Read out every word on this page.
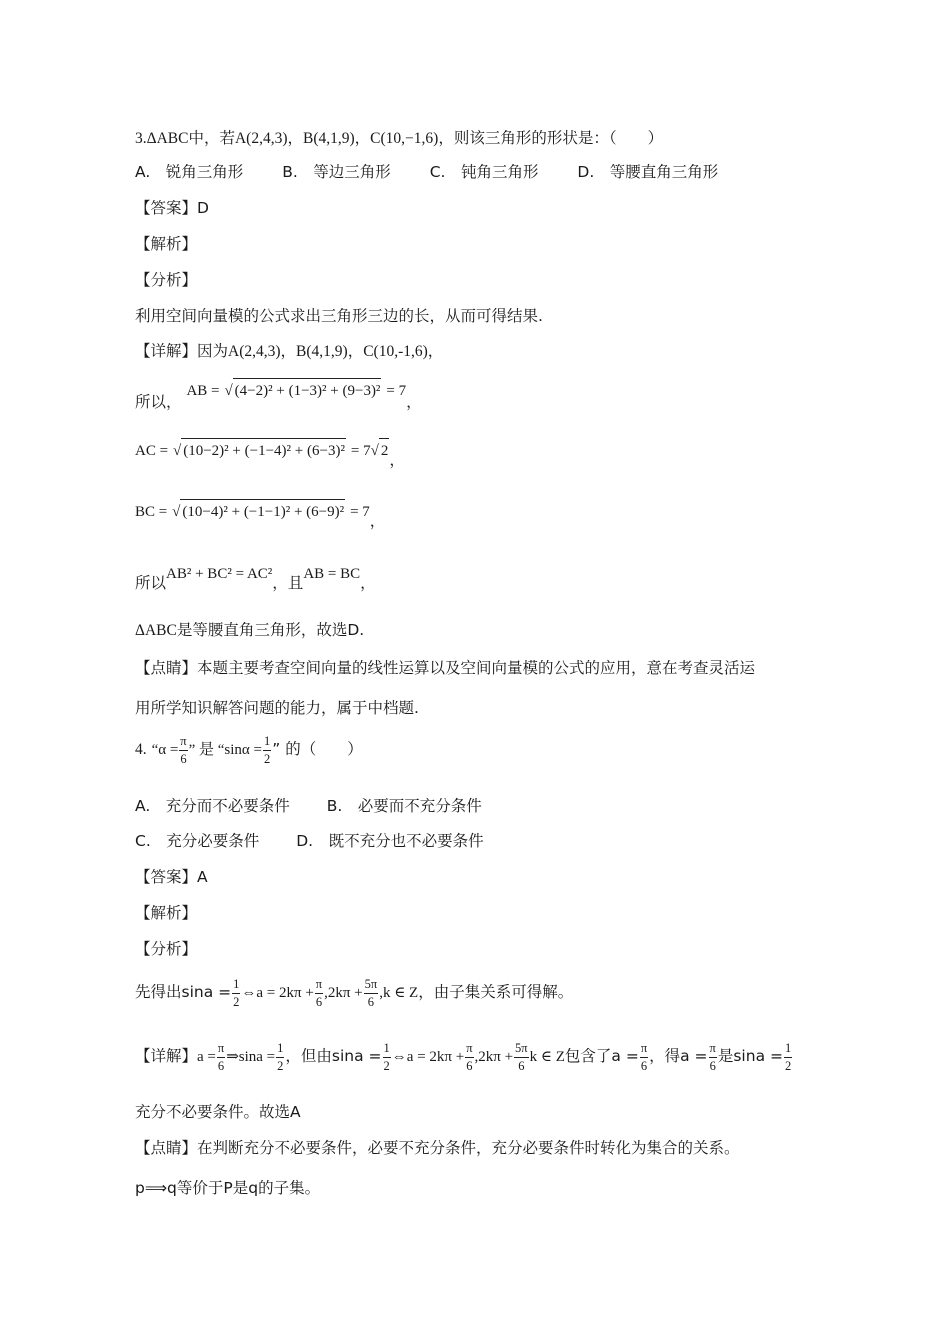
3.ΔABC中，若A(2,4,3)，B(4,1,9)，C(10,−1,6)，则该三角形的形状是：（　　）
A.　锐角三角形	B.　等边三角形	C.　钝角三角形	D.　等腰直角三角形
【答案】D
【解析】
【分析】
利用空间向量模的公式求出三角形三边的长，从而可得结果.
【详解】因为A(2,4,3)，B(4,1,9)，C(10,‑1,6)，
所以， AB = √ (4−2)² + (1−3)² + (9−3)² = 7，
AC = √ (10−2)² + (−1−4)² + (6−3)² = 7√ 2，
BC = √ (10−4)² + (−1−1)² + (6−9)² = 7，
所以AB² + BC² = AC²，且AB = BC，
ΔABC是等腰直角三角形，故选D.
【点睛】本题主要考查空间向量的线性运算以及空间向量模的公式的应用，意在考查灵活运
用所学知识解答问题的能力，属于中档题.
4. “$\alpha = \frac{\pi}{6}$ ” 是 “$\sin\alpha = \frac{1}{2}$ ” 的（　　）
A.　充分而不必要条件 B.　必要而不充分条件
C.　充分必要条件 D.　既不充分也不必要条件
【答案】A
【解析】
【分析】
先得出$\sin a = \frac{1}{2}$ ⇔a = $2k\pi + \frac{\pi}{6} ,2k\pi + \frac{5\pi}{6} ,k$ ∈ Z，由子集关系可得解。
【详解】$a = \frac{\pi}{6}$ ⇒sina = $\frac{1}{2}$ ，但由$\sin a = \frac{1}{2}$ ⇔a = $2k\pi + \frac{\pi}{6} ,2k\pi + \frac{5\pi}{6}$ k ∈ Z包含了$a = \frac{\pi}{6}$ ，得$a = \frac{\pi}{6}$ 是$\sin a = \frac{1}{2}$
充分不必要条件。故选A
【点睛】在判断充分不必要条件，必要不充分条件，充分必要条件时转化为集合的关系。
p⟹q等价于P是q的子集。
